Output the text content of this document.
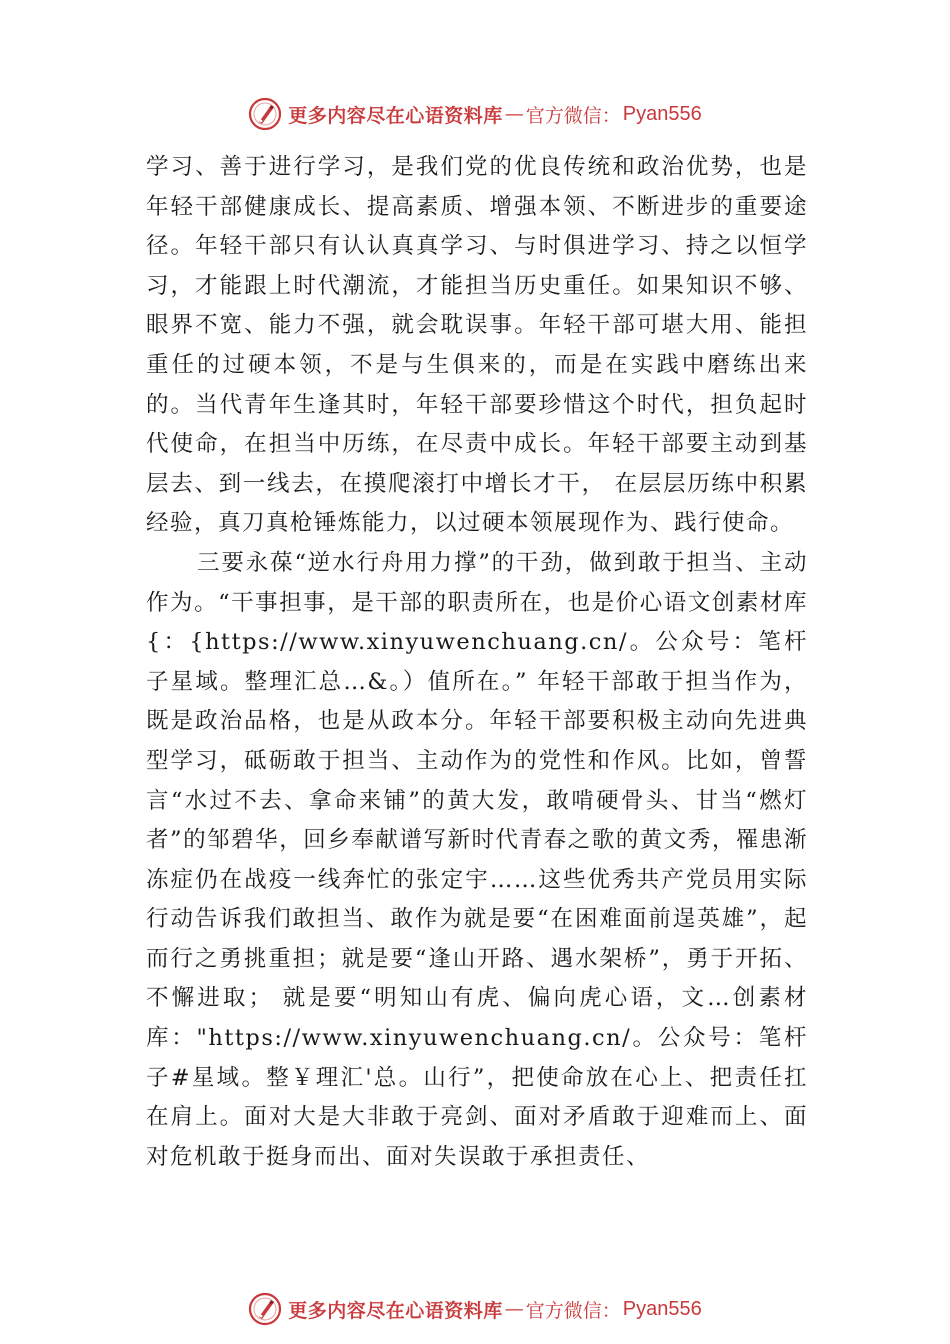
更多内容尽在心语资料库 — 官方微信： Pyan556

学习、善于进行学习，是我们党的优良传统和政治优势，也是年轻干部健康成长、提高素质、增强本领、不断进步的重要途径。年轻干部只有认认真真学习、与时俱进学习、持之以恒学习，才能跟上时代潮流，才能担当历史重任。如果知识不够、眼界不宽、能力不强，就会耽误事。年轻干部可堪大用、能担重任的过硬本领，不是与生俱来的，而是在实践中磨练出来的。当代青年生逢其时，年轻干部要珍惜这个时代，担负起时代使命，在担当中历练，在尽责中成长。年轻干部要主动到基层去、到一线去，在摸爬滚打中增长才干， 在层层历练中积累经验，真刀真枪锤炼能力，以过硬本领展现作为、践行使命。

三要永葆“逆水行舟用力撑”的干劲，做到敢于担当、主动作为。“干事担事，是干部的职责所在，也是价心语文创素材库{：{https://www.xinyuwenchuang.cn/。公众号：笔杆子星域。整理汇总…&。）值所在。” 年轻干部敢于担当作为，既是政治品格，也是从政本分。年轻干部要积极主动向先进典型学习，砥砺敢于担当、主动作为的党性和作风。比如，曾誓言“水过不去、拿命来铺”的黄大发，敢啃硬骨头、甘当“燃灯者”的邹碧华，回乡奉献谱写新时代青春之歌的黄文秀，罹患渐冻症仍在战疫一线奔忙的张定宇……这些优秀共产党员用实际行动告诉我们敢担当、敢作为就是要“在困难面前逞英雄”，起而行之勇挑重担；就是要“逢山开路、遇水架桥”，勇于开拓、不懈进取； 就是要“明知山有虎、偏向虎心语，文…创素材库："https://www.xinyuwenchuang.cn/。公众号：笔杆子#星域。整￥理汇'总。山行”，把使命放在心上、把责任扛在肩上。面对大是大非敢于亮剑、面对矛盾敢于迎难而上、面对危机敢于挺身而出、面对失误敢于承担责任、

更多内容尽在心语资料库 — 官方微信： Pyan556
